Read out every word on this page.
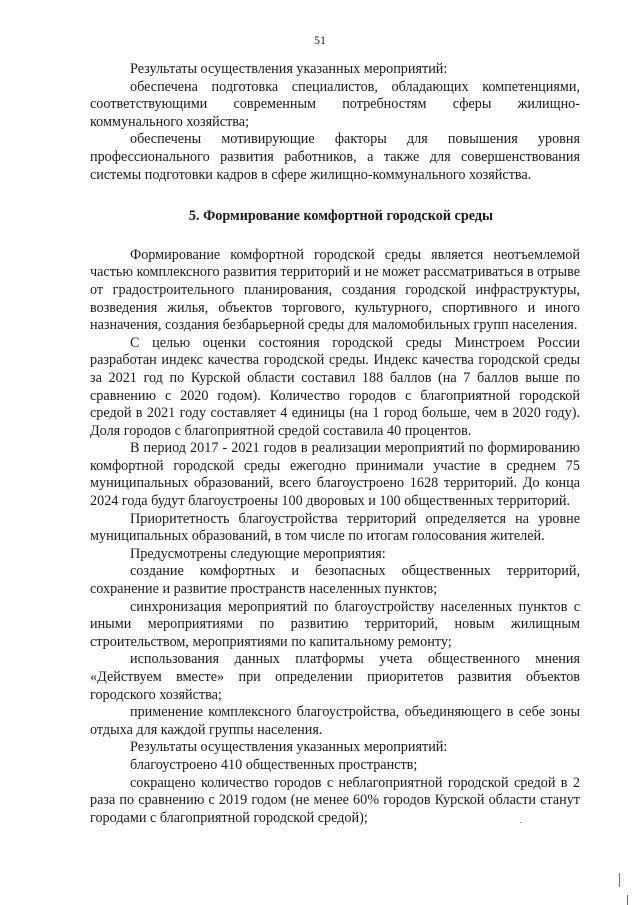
51

Результаты осуществления указанных мероприятий:

обеспечена подготовка специалистов, обладающих компетенциями, соответствующими современным потребностям сферы жилищно-коммунального хозяйства;

обеспечены мотивирующие факторы для повышения уровня профессионального развития работников, а также для совершенствования системы подготовки кадров в сфере жилищно-коммунального хозяйства.

5. Формирование комфортной городской среды

Формирование комфортной городской среды является неотъемлемой частью комплексного развития территорий и не может рассматриваться в отрыве от градостроительного планирования, создания городской инфраструктуры, возведения жилья, объектов торгового, культурного, спортивного и иного назначения, создания безбарьерной среды для маломобильных групп населения.

С целью оценки состояния городской среды Минстроем России разработан индекс качества городской среды. Индекс качества городской среды за 2021 год по Курской области составил 188 баллов (на 7 баллов выше по сравнению с 2020 годом). Количество городов с благоприятной городской средой в 2021 году составляет 4 единицы (на 1 город больше, чем в 2020 году). Доля городов с благоприятной средой составила 40 процентов.

В период 2017 - 2021 годов в реализации мероприятий по формированию комфортной городской среды ежегодно принимали участие в среднем 75 муниципальных образований, всего благоустроено 1628 территорий. До конца 2024 года будут благоустроены 100 дворовых и 100 общественных территорий.

Приоритетность благоустройства территорий определяется на уровне муниципальных образований, в том числе по итогам голосования жителей.

Предусмотрены следующие мероприятия:

создание комфортных и безопасных общественных территорий, сохранение и развитие пространств населенных пунктов;

синхронизация мероприятий по благоустройству населенных пунктов с иными мероприятиями по развитию территорий, новым жилищным строительством, мероприятиями по капитальному ремонту;

использования данных платформы учета общественного мнения «Действуем вместе» при определении приоритетов развития объектов городского хозяйства;

применение комплексного благоустройства, объединяющего в себе зоны отдыха для каждой группы населения.

Результаты осуществления указанных мероприятий:

благоустроено 410 общественных пространств;

сокращено количество городов с неблагоприятной городской средой в 2 раза по сравнению с 2019 годом (не менее 60% городов Курской области станут городами с благоприятной городской средой);
